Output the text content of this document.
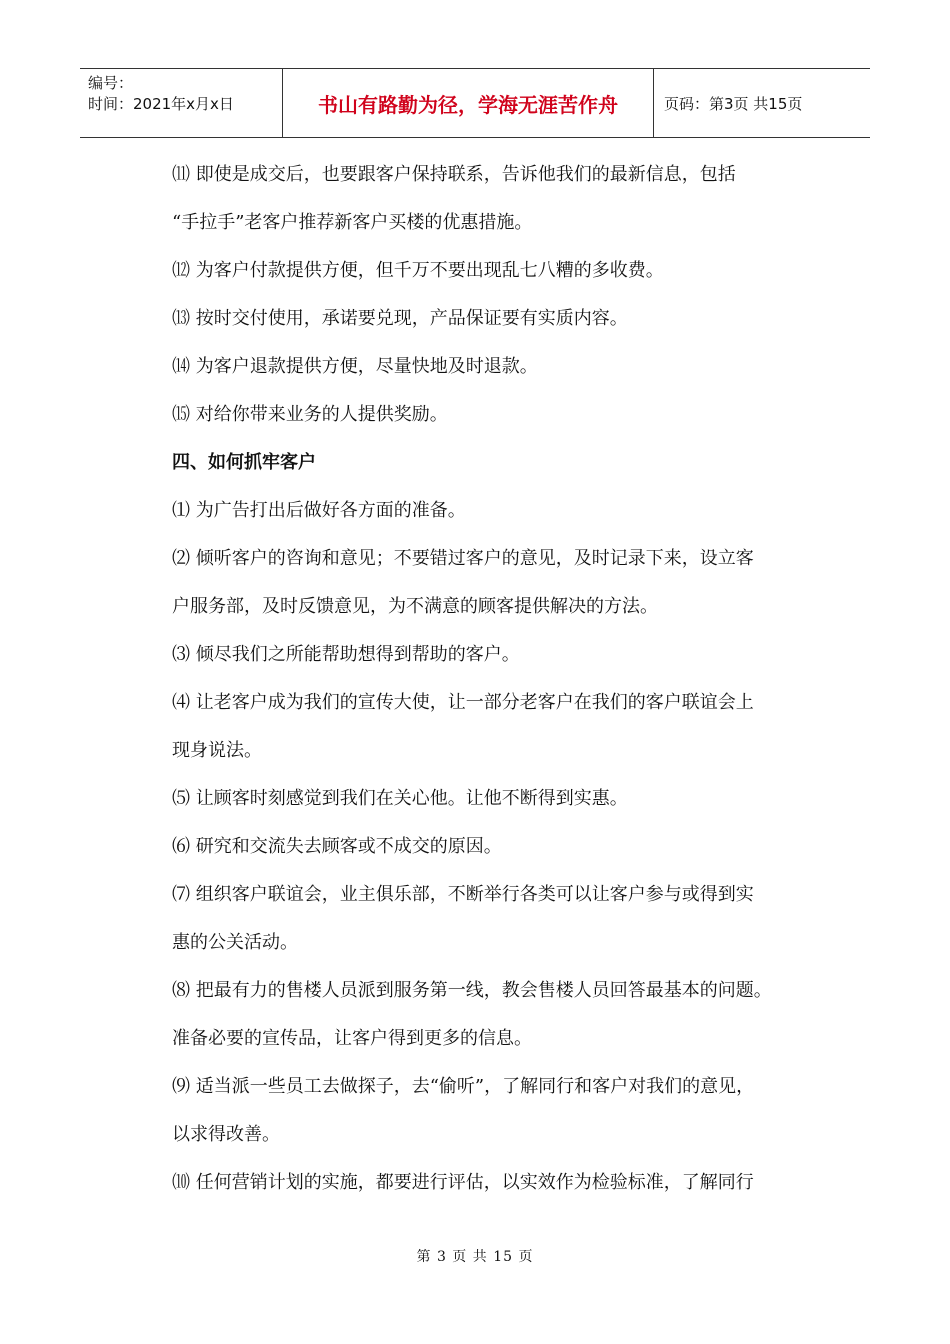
编号：
时间：2021年x月x日	书山有路勤为径，学海无涯苦作舟	页码：第3页 共15页
⑾ 即使是成交后，也要跟客户保持联系，告诉他我们的最新信息，包括
“手拉手”老客户推荐新客户买楼的优惠措施。
⑿ 为客户付款提供方便，但千万不要出现乱七八糟的多收费。
⒀ 按时交付使用，承诺要兑现，产品保证要有实质内容。
⒁ 为客户退款提供方便，尽量快地及时退款。
⒂ 对给你带来业务的人提供奖励。
四、如何抓牢客户
⑴ 为广告打出后做好各方面的准备。
⑵ 倾听客户的咨询和意见；不要错过客户的意见，及时记录下来，设立客
户服务部，及时反馈意见，为不满意的顾客提供解决的方法。
⑶ 倾尽我们之所能帮助想得到帮助的客户。
⑷ 让老客户成为我们的宣传大使，让一部分老客户在我们的客户联谊会上
现身说法。
⑸ 让顾客时刻感觉到我们在关心他。让他不断得到实惠。
⑹ 研究和交流失去顾客或不成交的原因。
⑺ 组织客户联谊会，业主俱乐部，不断举行各类可以让客户参与或得到实
惠的公关活动。
⑻ 把最有力的售楼人员派到服务第一线，教会售楼人员回答最基本的问题。
准备必要的宣传品，让客户得到更多的信息。
⑼ 适当派一些员工去做探子，去“偷听”，了解同行和客户对我们的意见，
以求得改善。
⑽ 任何营销计划的实施，都要进行评估，以实效作为检验标准，了解同行
第 3 页 共 15 页
